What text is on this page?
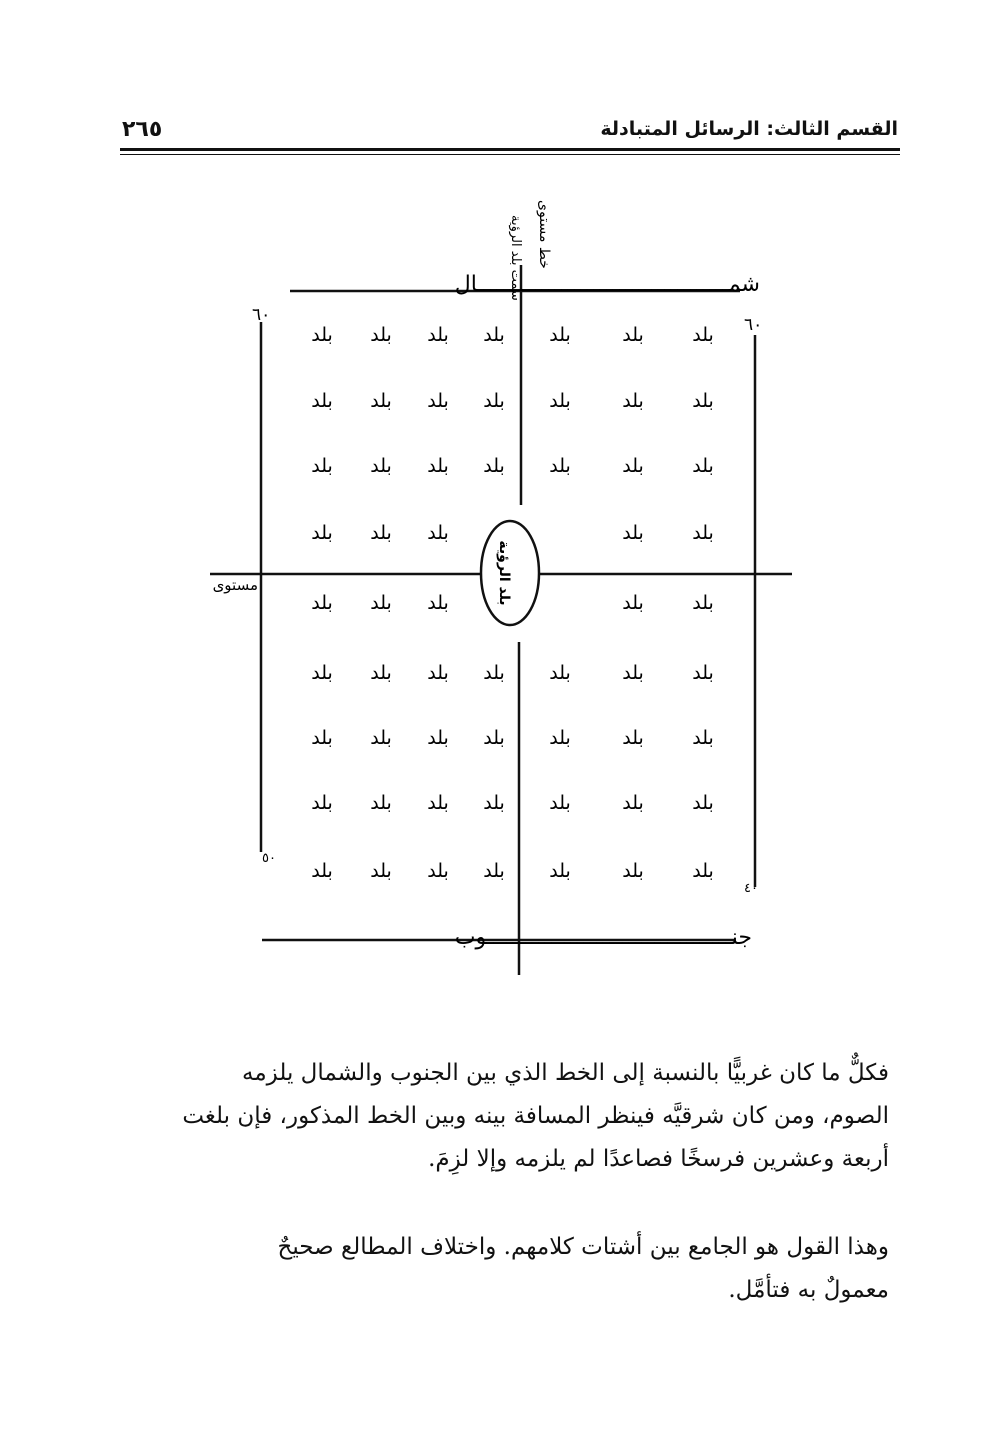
القسم الثالث: الرسائل المتبادلة
٢٦٥
شمـــــــــــــــــــــــــــــــــــــــال
جنــــــــــــــــــــــــــــــــــــــوب
خط مستوى
سمت بلد الرؤية
مستوى	بلد الرؤية
٦٠
٥٠
٦٠
٤٠
بلد بلد بلد بلد بلد	بلد	بلد
بلد بلد بلد بلد بلد	بلد	بلد
بلد بلد بلد بلد بلد	بلد	بلد
بلد بلد بلد	بلد	بلد
بلد بلد بلد	بلد	بلد
بلد بلد بلد بلد بلد	بلد	بلد
بلد بلد بلد بلد بلد	بلد	بلد
بلد بلد بلد بلد بلد	بلد	بلد
بلد بلد بلد بلد بلد	بلد	بلد
فكلٌّ ما كان غربيًّا بالنسبة إلى الخط الذي بين الجنوب والشمال يلزمه
الصوم، ومن كان شرقيَّه فينظر المسافة بينه وبين الخط المذكور، فإن بلغت
أربعة وعشرين فرسخًا فصاعدًا لم يلزمه وإلا لزِمَ.
وهذا القول هو الجامع بين أشتات كلامهم. واختلاف المطالع صحيحٌ
معمولٌ به فتأمَّل.
